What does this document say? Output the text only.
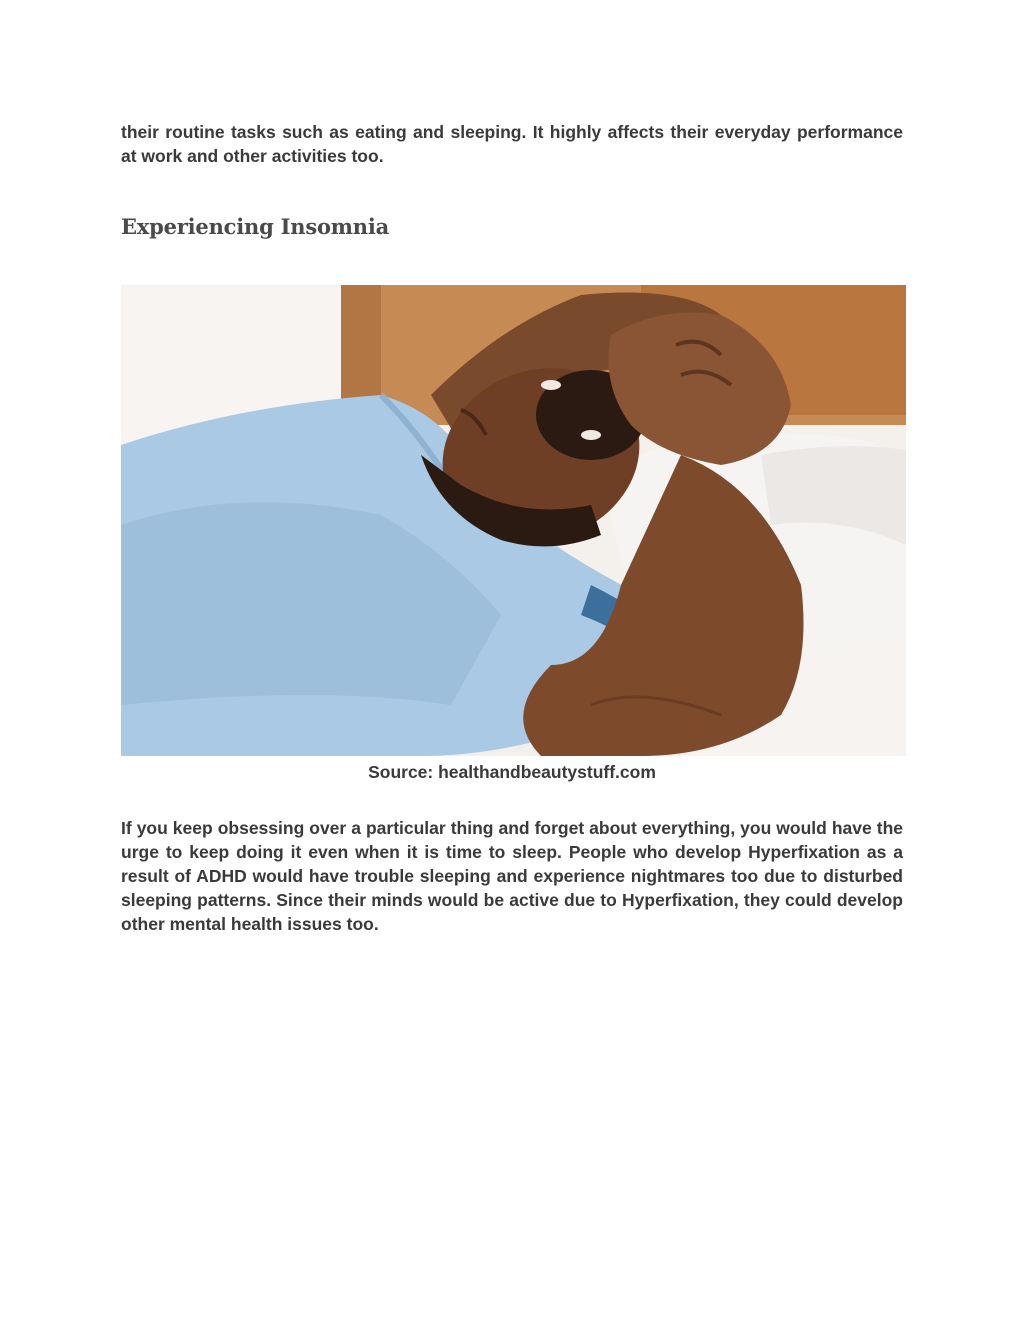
their routine tasks such as eating and sleeping. It highly affects their everyday performance at work and other activities too.

Experiencing Insomnia

Source: healthandbeautystuff.com

If you keep obsessing over a particular thing and forget about everything, you would have the urge to keep doing it even when it is time to sleep. People who develop Hyperfixation as a result of ADHD would have trouble sleeping and experience nightmares too due to disturbed sleeping patterns. Since their minds would be active due to Hyperfixation, they could develop other mental health issues too.
